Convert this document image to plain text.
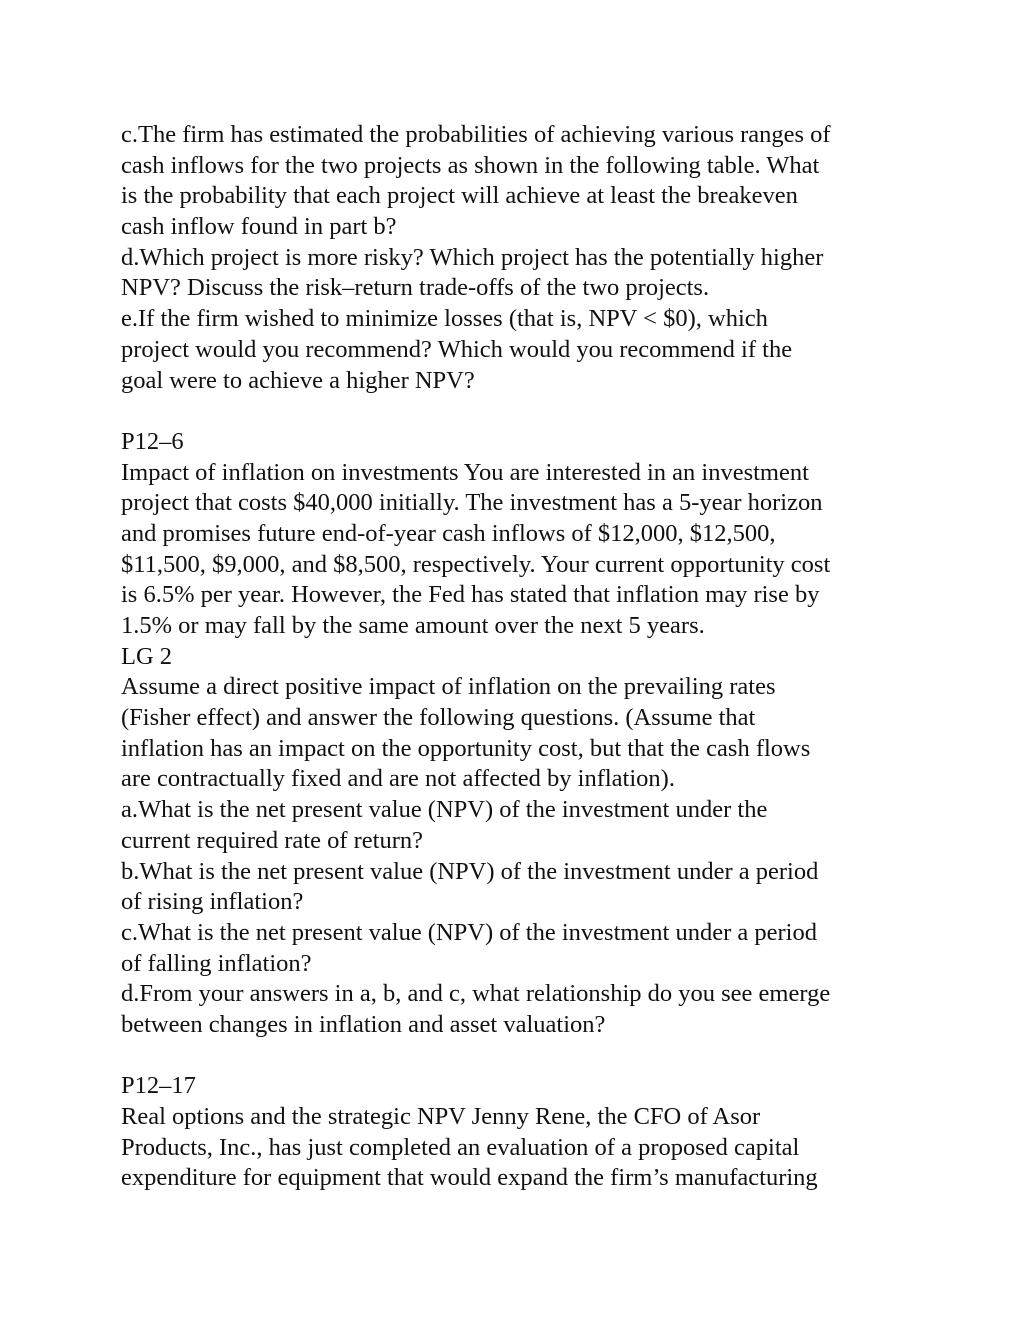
c.The firm has estimated the probabilities of achieving various ranges of
cash inflows for the two projects as shown in the following table. What
is the probability that each project will achieve at least the breakeven
cash inflow found in part b?
d.Which project is more risky? Which project has the potentially higher
NPV? Discuss the risk–return trade-offs of the two projects.
e.If the firm wished to minimize losses (that is, NPV < $0), which
project would you recommend? Which would you recommend if the
goal were to achieve a higher NPV?
P12–6
Impact of inflation on investments You are interested in an investment
project that costs $40,000 initially. The investment has a 5-year horizon
and promises future end-of-year cash inflows of $12,000, $12,500,
$11,500, $9,000, and $8,500, respectively. Your current opportunity cost
is 6.5% per year. However, the Fed has stated that inflation may rise by
1.5% or may fall by the same amount over the next 5 years.
LG 2
Assume a direct positive impact of inflation on the prevailing rates
(Fisher effect) and answer the following questions. (Assume that
inflation has an impact on the opportunity cost, but that the cash flows
are contractually fixed and are not affected by inflation).
a.What is the net present value (NPV) of the investment under the
current required rate of return?
b.What is the net present value (NPV) of the investment under a period
of rising inflation?
c.What is the net present value (NPV) of the investment under a period
of falling inflation?
d.From your answers in a, b, and c, what relationship do you see emerge
between changes in inflation and asset valuation?
P12–17
Real options and the strategic NPV Jenny Rene, the CFO of Asor
Products, Inc., has just completed an evaluation of a proposed capital
expenditure for equipment that would expand the firm’s manufacturing
